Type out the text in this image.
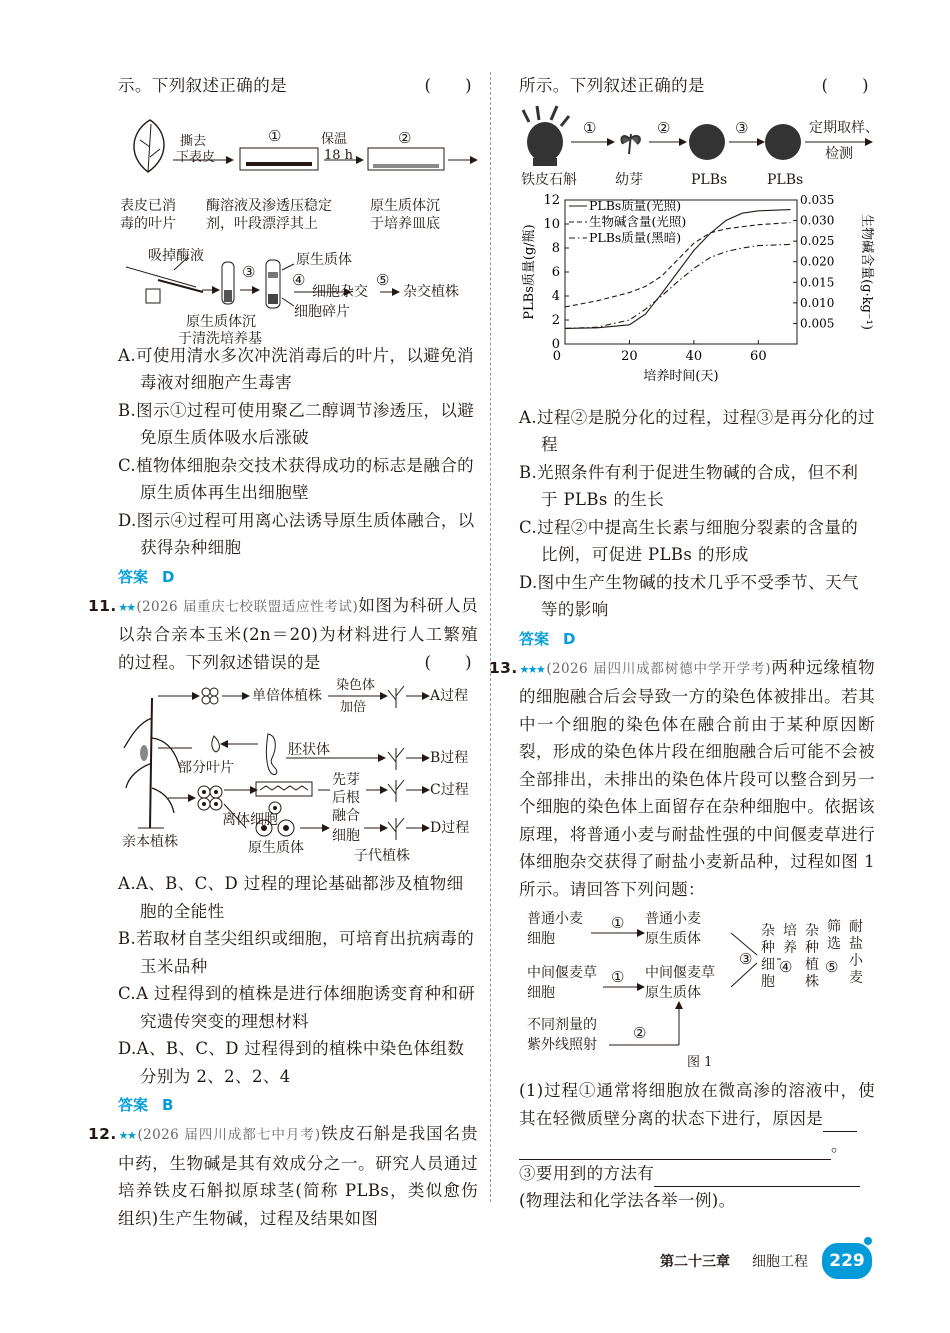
示。下列叙述正确的是	(　　)

撕去
下表皮
①	保温
18 h
②
表皮已消
毒的叶片
酶溶液及渗透压稳定
剂，叶段漂浮其上
原生质体沉
于培养皿底
吸掉酶液
③
原生质体
④
细胞杂交
⑤
杂交植株
细胞碎片
原生质体沉
于清洗培养基

A.可使用清水多次冲洗消毒后的叶片，以避免消毒液对细胞产生毒害

B.图示①过程可使用聚乙二醇调节渗透压，以避免原生质体吸水后涨破

C.植物体细胞杂交技术获得成功的标志是融合的原生质体再生出细胞壁

D.图示④过程可用离心法诱导原生质体融合，以获得杂种细胞

答案 D

11.★★ (2026 届重庆七校联盟适应性考试)如图为科研人员以杂合亲本玉米(2n＝20)为材料进行人工繁殖的过程。下列叙述错误的是	(　　)

单倍体植株
染色体
加倍
A过程
部分叶片
胚状体	B过程
先芽
后根	C过程
离体细胞	融合
细胞	D过程
亲本植株	原生质体	子代植株

A.A、B、C、D 过程的理论基础都涉及植物细胞的全能性

B.若取材自茎尖组织或细胞，可培育出抗病毒的玉米品种

C.A 过程得到的植株是进行体细胞诱变育种和研究遗传突变的理想材料

D.A、B、C、D 过程得到的植株中染色体组数分别为 2、2、2、4

答案 B

12.★★ (2026 届四川成都七中月考)铁皮石斛是我国名贵中药，生物碱是其有效成分之一。研究人员通过培养铁皮石斛拟原球茎(简称 PLBs，类似愈伤组织)生产生物碱，过程及结果如图

所示。下列叙述正确的是	(　　)

①	②	③	定期取样、
检测
铁皮石斛	幼芽	PLBs	PLBs
0
2
4
6
8
10
12
0.005
0.010
0.015
0.020
0.025
0.030
0.035
0	20	40	60
培养时间(天)
PLBs质量(g/瓶)	生物碱含量(g·kg⁻¹)
PLBs质量(光照)
生物碱含量(光照)
PLBs质量(黑暗)

A.过程②是脱分化的过程，过程③是再分化的过程

B.光照条件有利于促进生物碱的合成，但不利于 PLBs 的生长

C.过程②中提高生长素与细胞分裂素的含量的比例，可促进 PLBs 的形成

D.图中生产生物碱的技术几乎不受季节、天气等的影响

答案 D

13.★★★ (2026 届四川成都树德中学开学考)两种远缘植物的细胞融合后会导致一方的染色体被排出。若其中一个细胞的染色体在融合前由于某种原因断裂，形成的染色体片段在细胞融合后可能不会被全部排出，未排出的染色体片段可以整合到另一个细胞的染色体上面留存在杂种细胞中。依据该原理，将普通小麦与耐盐性强的中间偃麦草进行体细胞杂交获得了耐盐小麦新品种，过程如图 1 所示。请回答下列问题：

普通小麦
细胞
① 普通小麦
原生质体
中间偃麦草
细胞
① 中间偃麦草
原生质体
不同剂量的
紫外线照射
②
③
杂种细胞
培养
④
杂种植株
筛选
⑤
耐盐小麦
图 1

(1)过程①通常将细胞放在微高渗的溶液中，使其在轻微质壁分离的状态下进行，原因是

。

③要用到的方法有

(物理法和化学法各举一例)。

第二十三章 细胞工程	229
